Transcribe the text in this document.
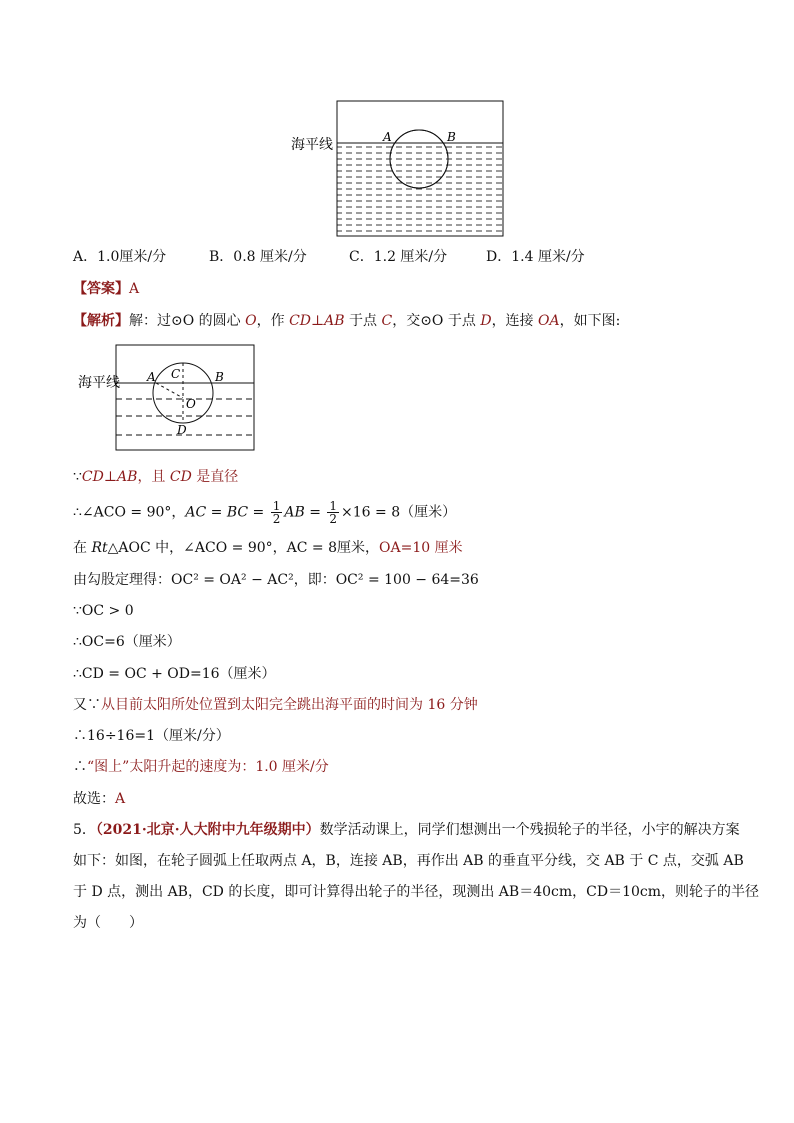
海平线	A	B
A．1.0厘米/分	B．0.8 厘米/分	C．1.2 厘米/分	D．1.4 厘米/分
【答案】A
【解析】解：过⊙O 的圆心 O，作 CD⊥AB 于点 C，交⊙O 于点 D，连接 OA，如下图:
海平线 A	B
C
O
D
∵CD⊥AB，且 CD 是直径
∴∠ACO = 90°，AC = BC = $\frac{1}{2}$ AB = $\frac{1}{2} \times 16 = 8$（厘米）
在 Rt△AOC 中，∠ACO = 90°，AC = 8厘米，OA=10 厘米
由勾股定理得：OC² = OA² − AC²，即：OC² = 100 − 64=36
∵OC > 0
∴OC=6（厘米）
∴CD = OC + OD=16（厘米）
又∵从目前太阳所处位置到太阳完全跳出海平面的时间为 16 分钟
∴16÷16=1（厘米/分）
∴“图上”太阳升起的速度为：1.0 厘米/分
故选：A
5．（2021·北京·人大附中九年级期中）数学活动课上，同学们想测出一个残损轮子的半径，小宇的解决方案
如下：如图，在轮子圆弧上任取两点 A，B，连接 AB，再作出 AB 的垂直平分线，交 AB 于 C 点，交弧 AB
于 D 点，测出 AB，CD 的长度，即可计算得出轮子的半径，现测出 AB＝40cm，CD＝10cm，则轮子的半径
为（　　）
